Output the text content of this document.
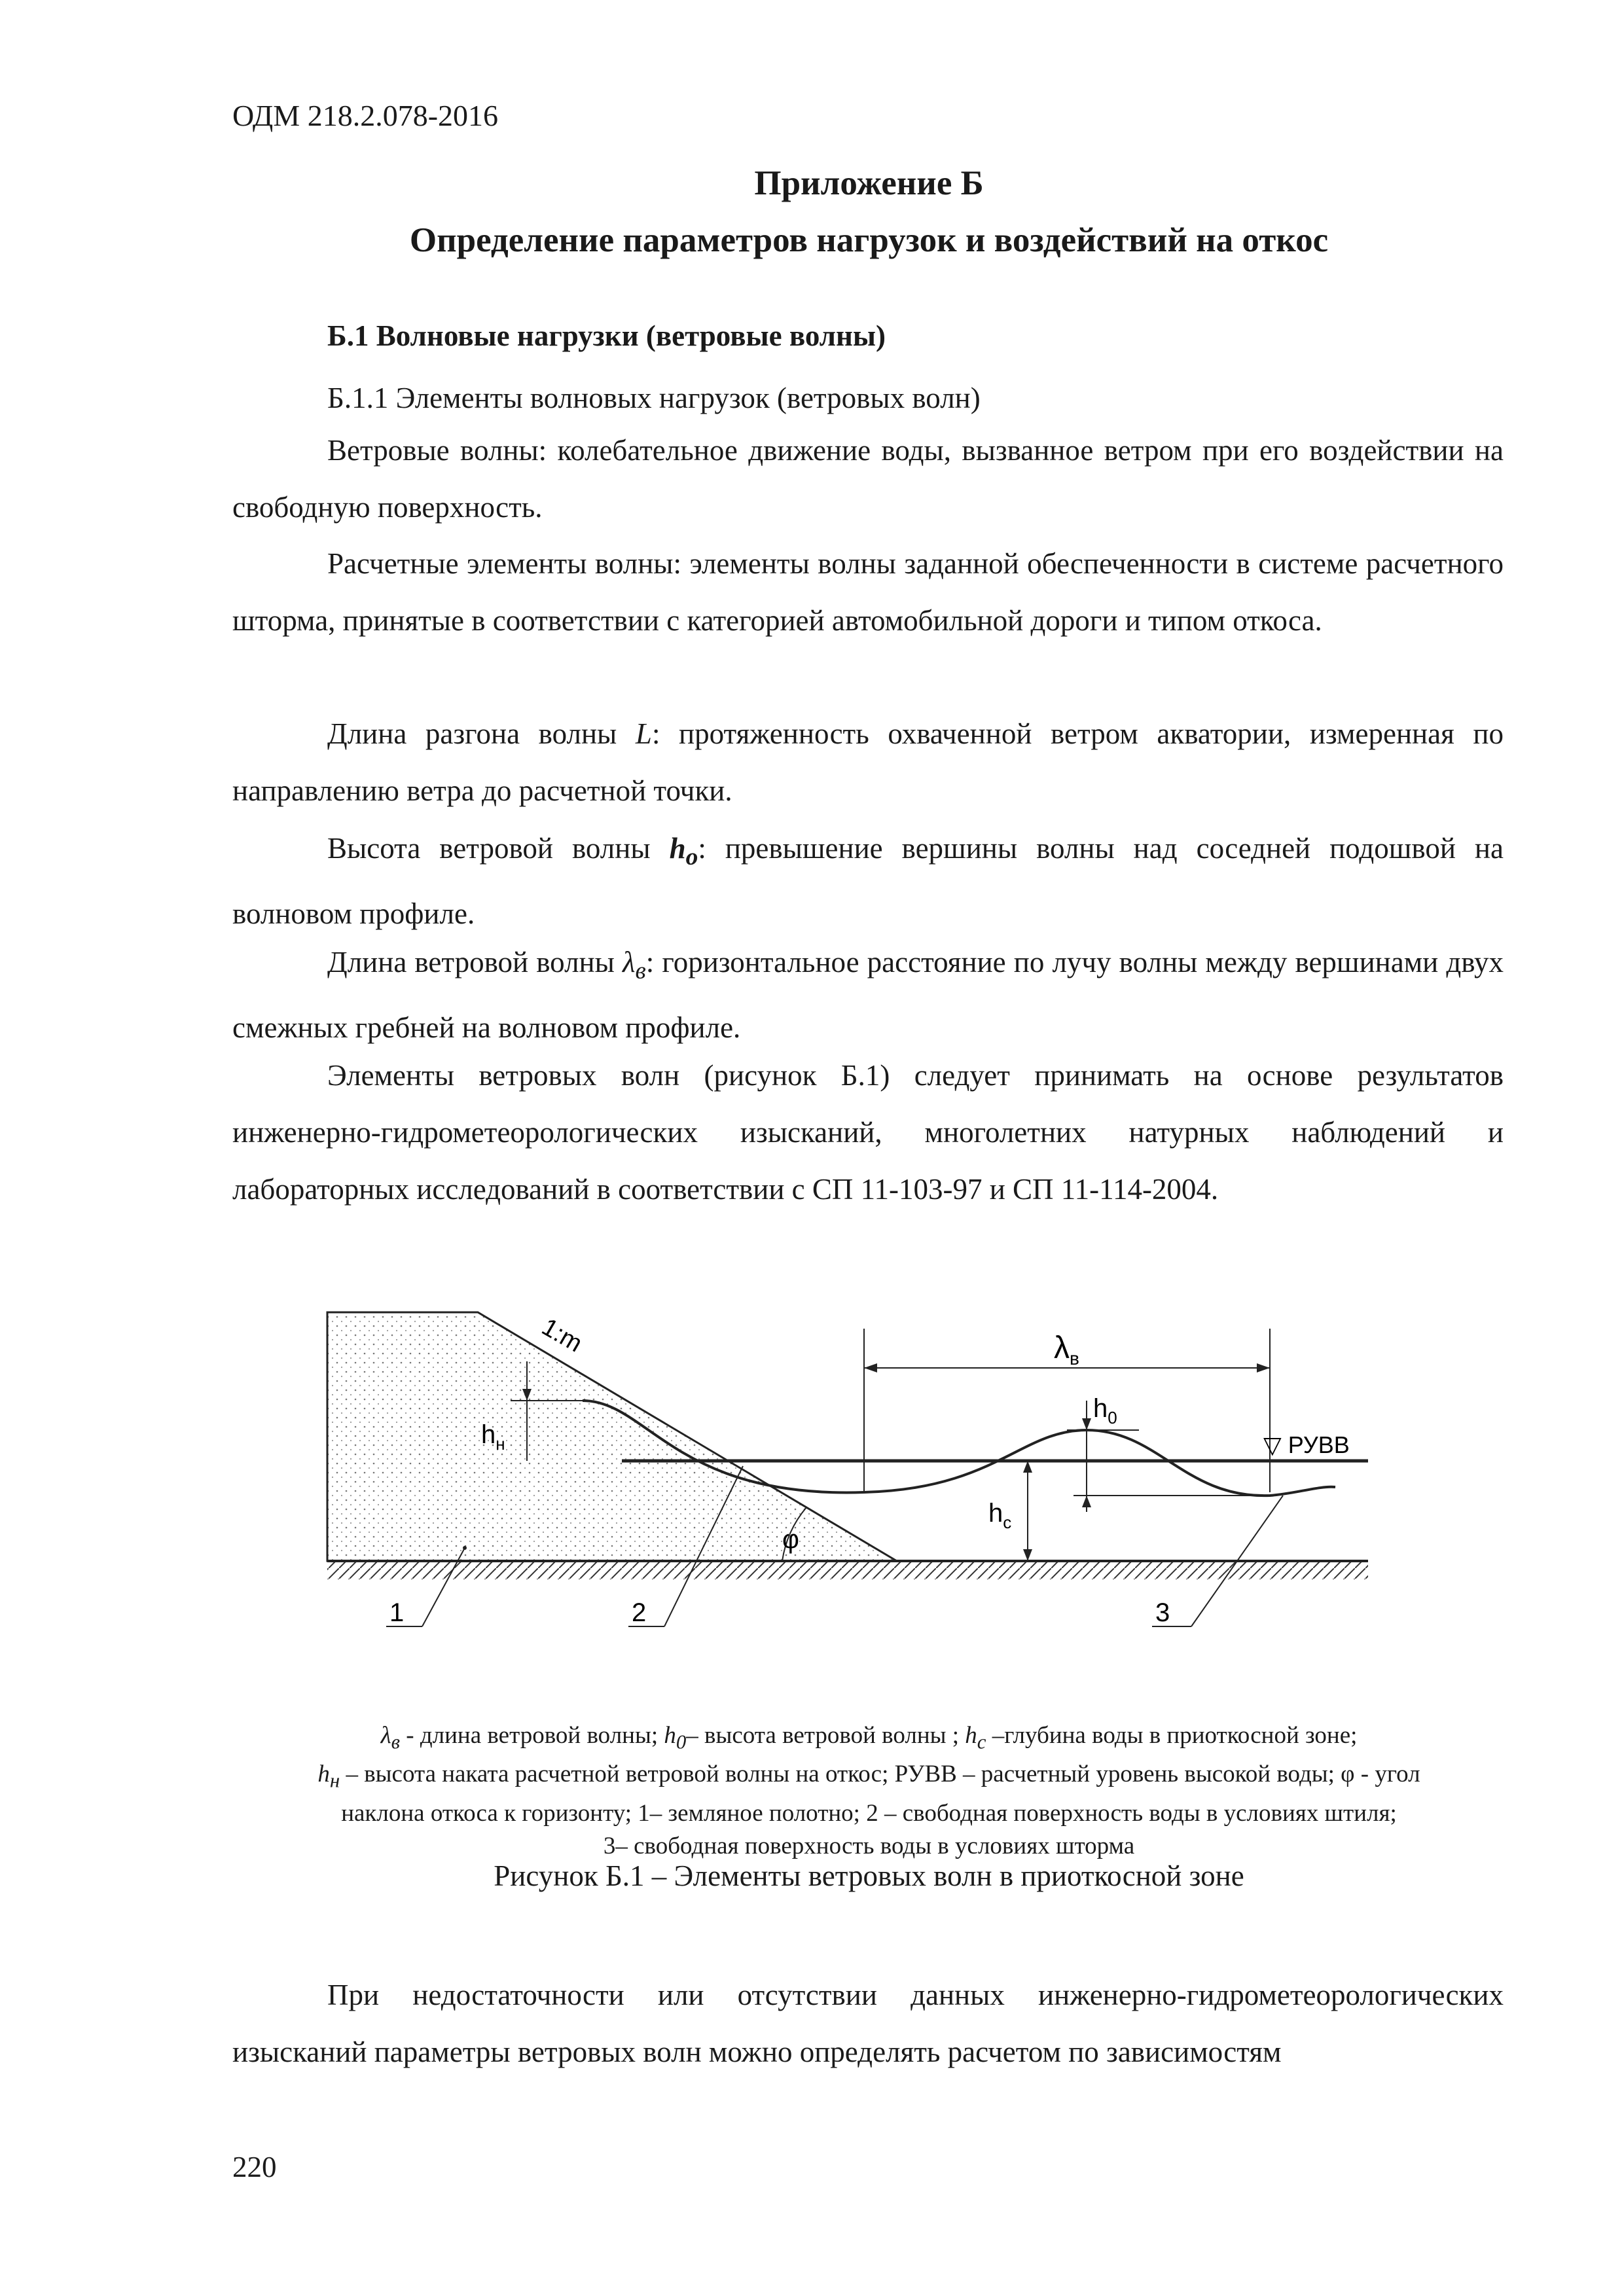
ОДМ 218.2.078-2016
Приложение Б
Определение параметров нагрузок и воздействий на откос
Б.1 Волновые нагрузки (ветровые волны)
Б.1.1 Элементы волновых нагрузок (ветровых волн)

Ветровые волны: колебательное движение воды, вызванное ветром при его воздействии на свободную поверхность.

Расчетные элементы волны: элементы волны заданной обеспеченности в системе расчетного шторма, принятые в соответствии с категорией автомобильной дороги и типом откоса.

Длина разгона волны L: протяженность охваченной ветром акватории, измеренная по направлению ветра до расчетной точки.

Высота ветровой волны $h_o$: превышение вершины волны над соседней подошвой на волновом профиле.

Длина ветровой волны $\lambda_в$: горизонтальное расстояние по лучу волны между вершинами двух смежных гребней на волновом профиле.

Элементы ветровых волн (рисунок Б.1) следует принимать на основе результатов инженерно-гидрометеорологических изысканий, многолетних натурных наблюдений и лабораторных исследований в соответствии с СП 11-103-97 и СП 11-114-2004.

1:m	$\lambda_в$
$h_0$
$h_н$
$h_с$
φ
▽ РУВВ
1	2	3
$\lambda_в$ - длина ветровой волны; $h_0-$ высота ветровой волны ; $h_с$ –глубина воды в приоткосной зоне;
$h_н$ – высота наката расчетной ветровой волны на откос; РУВВ – расчетный уровень высокой воды; φ - угол
наклона откоса к горизонту; 1– земляное полотно; 2 – свободная поверхность воды в условиях штиля;
3– свободная поверхность воды в условиях шторма
Рисунок Б.1 – Элементы ветровых волн в приоткосной зоне

При недостаточности или отсутствии данных инженерно-гидрометеорологических изысканий параметры ветровых волн можно определять расчетом по зависимостям

220
